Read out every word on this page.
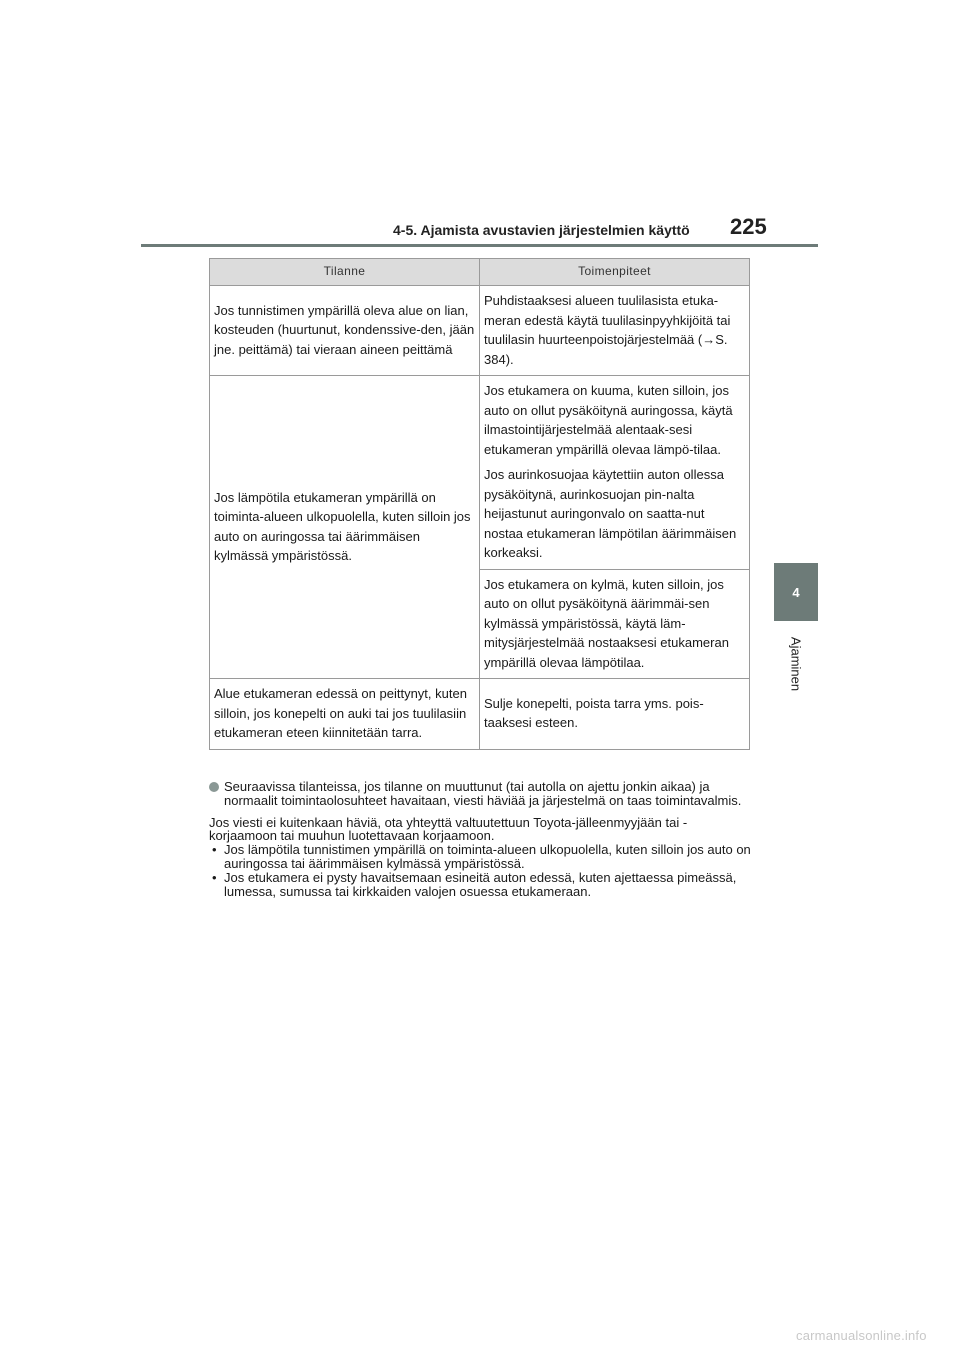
4-5. Ajamista avustavien järjestelmien käyttö 225
4
Ajaminen
Tilanne	Toimenpiteet
Jos tunnistimen ympärillä oleva alue on lian, kosteuden (huurtunut, kondenssive-den, jään jne. peittämä) tai vieraan aineen peittämä	Puhdistaaksesi alueen tuulilasista etuka-meran edestä käytä tuulilasinpyyhkijöitä tai tuulilasin huurteenpoistojärjestelmää (→S. 384).
Jos lämpötila etukameran ympärillä on toiminta-alueen ulkopuolella, kuten silloin jos auto on auringossa tai äärimmäisen kylmässä ympäristössä.	Jos etukamera on kuuma, kuten silloin, jos auto on ollut pysäköitynä auringossa, käytä ilmastointijärjestelmää alentaak-sesi etukameran ympärillä olevaa lämpö-tilaa.

Jos aurinkosuojaa käytettiin auton ollessa pysäköitynä, aurinkosuojan pin-nalta heijastunut auringonvalo on saatta-nut nostaa etukameran lämpötilan äärimmäisen korkeaksi.

	Jos etukamera on kylmä, kuten silloin, jos auto on ollut pysäköitynä äärimmäi-sen kylmässä ympäristössä, käytä läm-mitysjärjestelmää nostaaksesi etukameran ympärillä olevaa lämpötilaa.
Alue etukameran edessä on peittynyt, kuten silloin, jos konepelti on auki tai jos tuulilasiin etukameran eteen kiinnitetään tarra.	Sulje konepelti, poista tarra yms. pois-taaksesi esteen.
Seuraavissa tilanteissa, jos tilanne on muuttunut (tai autolla on ajettu jonkin aikaa) ja normaalit toimintaolosuhteet havaitaan, viesti häviää ja järjestelmä on taas toimintavalmis.
Jos viesti ei kuitenkaan häviä, ota yhteyttä valtuutettuun Toyota-jälleenmyyjään tai -korjaamoon tai muuhun luotettavaan korjaamoon.
• Jos lämpötila tunnistimen ympärillä on toiminta-alueen ulkopuolella, kuten silloin jos auto on auringossa tai äärimmäisen kylmässä ympäristössä.
• Jos etukamera ei pysty havaitsemaan esineitä auton edessä, kuten ajettaessa pimeässä, lumessa, sumussa tai kirkkaiden valojen osuessa etukameraan.
carmanualsonline.info
